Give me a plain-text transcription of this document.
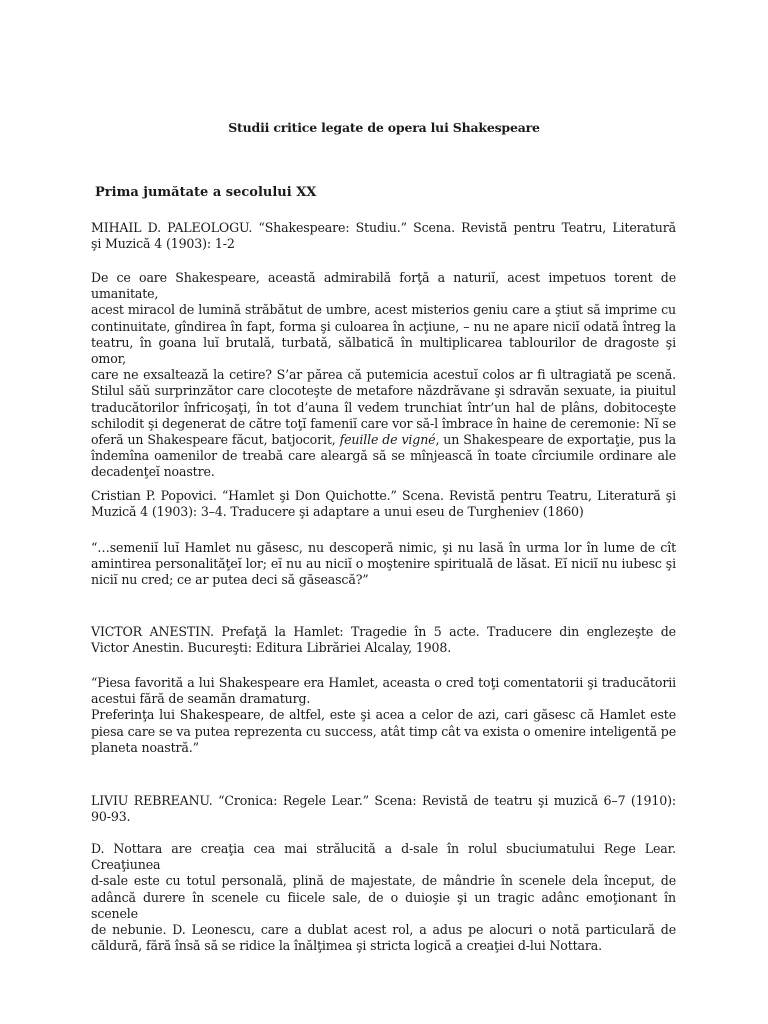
Studii critice legate de opera lui Shakespeare
Prima jumătate a secolului XX
MIHAIL D. PALEOLOGU. “Shakespeare: Studiu.” Scena. Revistă pentru Teatru, Literatură
şi Muzică 4 (1903): 1-2
De ce oare Shakespeare, această admirabilă forţă a naturiĭ, acest impetuos torent de umanitate,
acest miracol de lumină străbătut de umbre, acest misterios geniu care a ştiut să imprime cu
continuitate, gîndirea în fapt, forma şi culoarea în acţiune, – nu ne apare niciĭ odată întreg la
teatru, în goana luĭ brutală, turbată, sălbatică în multiplicarea tablourilor de dragoste şi omor,
care ne exsaltează la cetire? S’ar părea că putemicia acestuĭ colos ar fi ultragiată pe scenă.
Stilul săŭ surprinzător care clocoteşte de metafore năzdrăvane şi sdravăn sexuate, ia piuitul
traducătorilor înfricoşaţi, în tot d’auna îl vedem trunchiat într’un hal de plâns, dobitoceşte
schilodit şi degenerat de către toţĭ fameniĭ care vor să-l îmbrace în haine de ceremonie: Nĭ se
oferă un Shakespeare făcut, batjocorit, feuille de vigné, un Shakespeare de exportaţie, pus la
îndemîna oamenilor de treabă care aleargă să se mînjească în toate cîrciumile ordinare ale
decadenţeĭ noastre.
Cristian P. Popovici. “Hamlet şi Don Quichotte.” Scena. Revistă pentru Teatru, Literatură şi
Muzică 4 (1903): 3–4. Traducere şi adaptare a unui eseu de Turgheniev (1860)
“…semeniĭ luĭ Hamlet nu găsesc, nu descoperă nimic, şi nu lasă în urma lor în lume de cît
amintirea personalităţeĭ lor; eĭ nu au niciĭ o moştenire spirituală de lăsat. Eĭ niciĭ nu iubesc şi
niciĭ nu cred; ce ar putea deci să găsească?”
VICTOR ANESTIN. Prefaţă la Hamlet: Tragedie în 5 acte. Traducere din englezeşte de
Victor Anestin. Bucureşti: Editura Librăriei Alcalay, 1908.
“Piesa favorită a lui Shakespeare era Hamlet, aceasta o cred toţi comentatorii şi traducătorii
acestui fără de seamăn dramaturg.
Preferinţa lui Shakespeare, de altfel, este şi acea a celor de azi, cari găsesc că Hamlet este
piesa care se va putea reprezenta cu success, atât timp cât va exista o omenire inteligentă pe
planeta noastră.”
LIVIU REBREANU. “Cronica: Regele Lear.” Scena: Revistă de teatru şi muzică 6–7 (1910):
90-93.
D. Nottara are creaţia cea mai strălucită a d-sale în rolul sbuciumatului Rege Lear. Creaţiunea
d-sale este cu totul personală, plină de majestate, de mândrie în scenele dela început, de
adâncă durere în scenele cu fiicele sale, de o duioşie şi un tragic adânc emoţionant în scenele
de nebunie. D. Leonescu, care a dublat acest rol, a adus pe alocuri o notă particulară de
căldură, fără însă să se ridice la înălţimea şi stricta logică a creaţiei d-lui Nottara.
